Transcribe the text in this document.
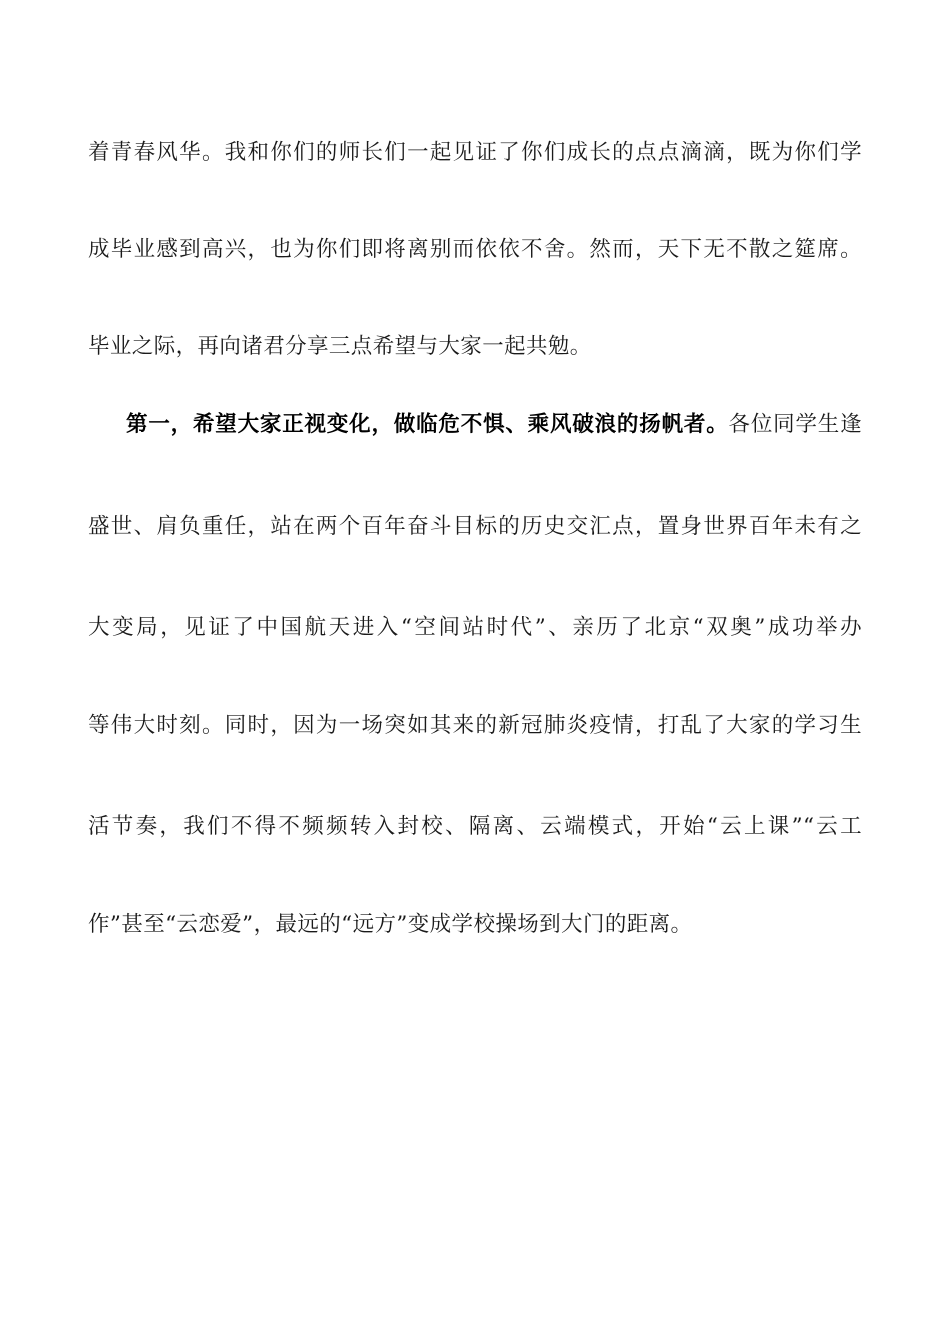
着青春风华。我和你们的师长们一起见证了你们成长的点点滴滴，既为你们学
成毕业感到高兴，也为你们即将离别而依依不舍。然而，天下无不散之筵席。
毕业之际，再向诸君分享三点希望与大家一起共勉。
第一，希望大家正视变化，做临危不惧、乘风破浪的扬帆者。各位同学生逢
盛世、肩负重任，站在两个百年奋斗目标的历史交汇点，置身世界百年未有之
大变局，见证了中国航天进入“空间站时代”、亲历了北京“双奥”成功举办
等伟大时刻。同时，因为一场突如其来的新冠肺炎疫情，打乱了大家的学习生
活节奏，我们不得不频频转入封校、隔离、云端模式，开始“云上课”“云工
作”甚至“云恋爱”，最远的“远方”变成学校操场到大门的距离。
